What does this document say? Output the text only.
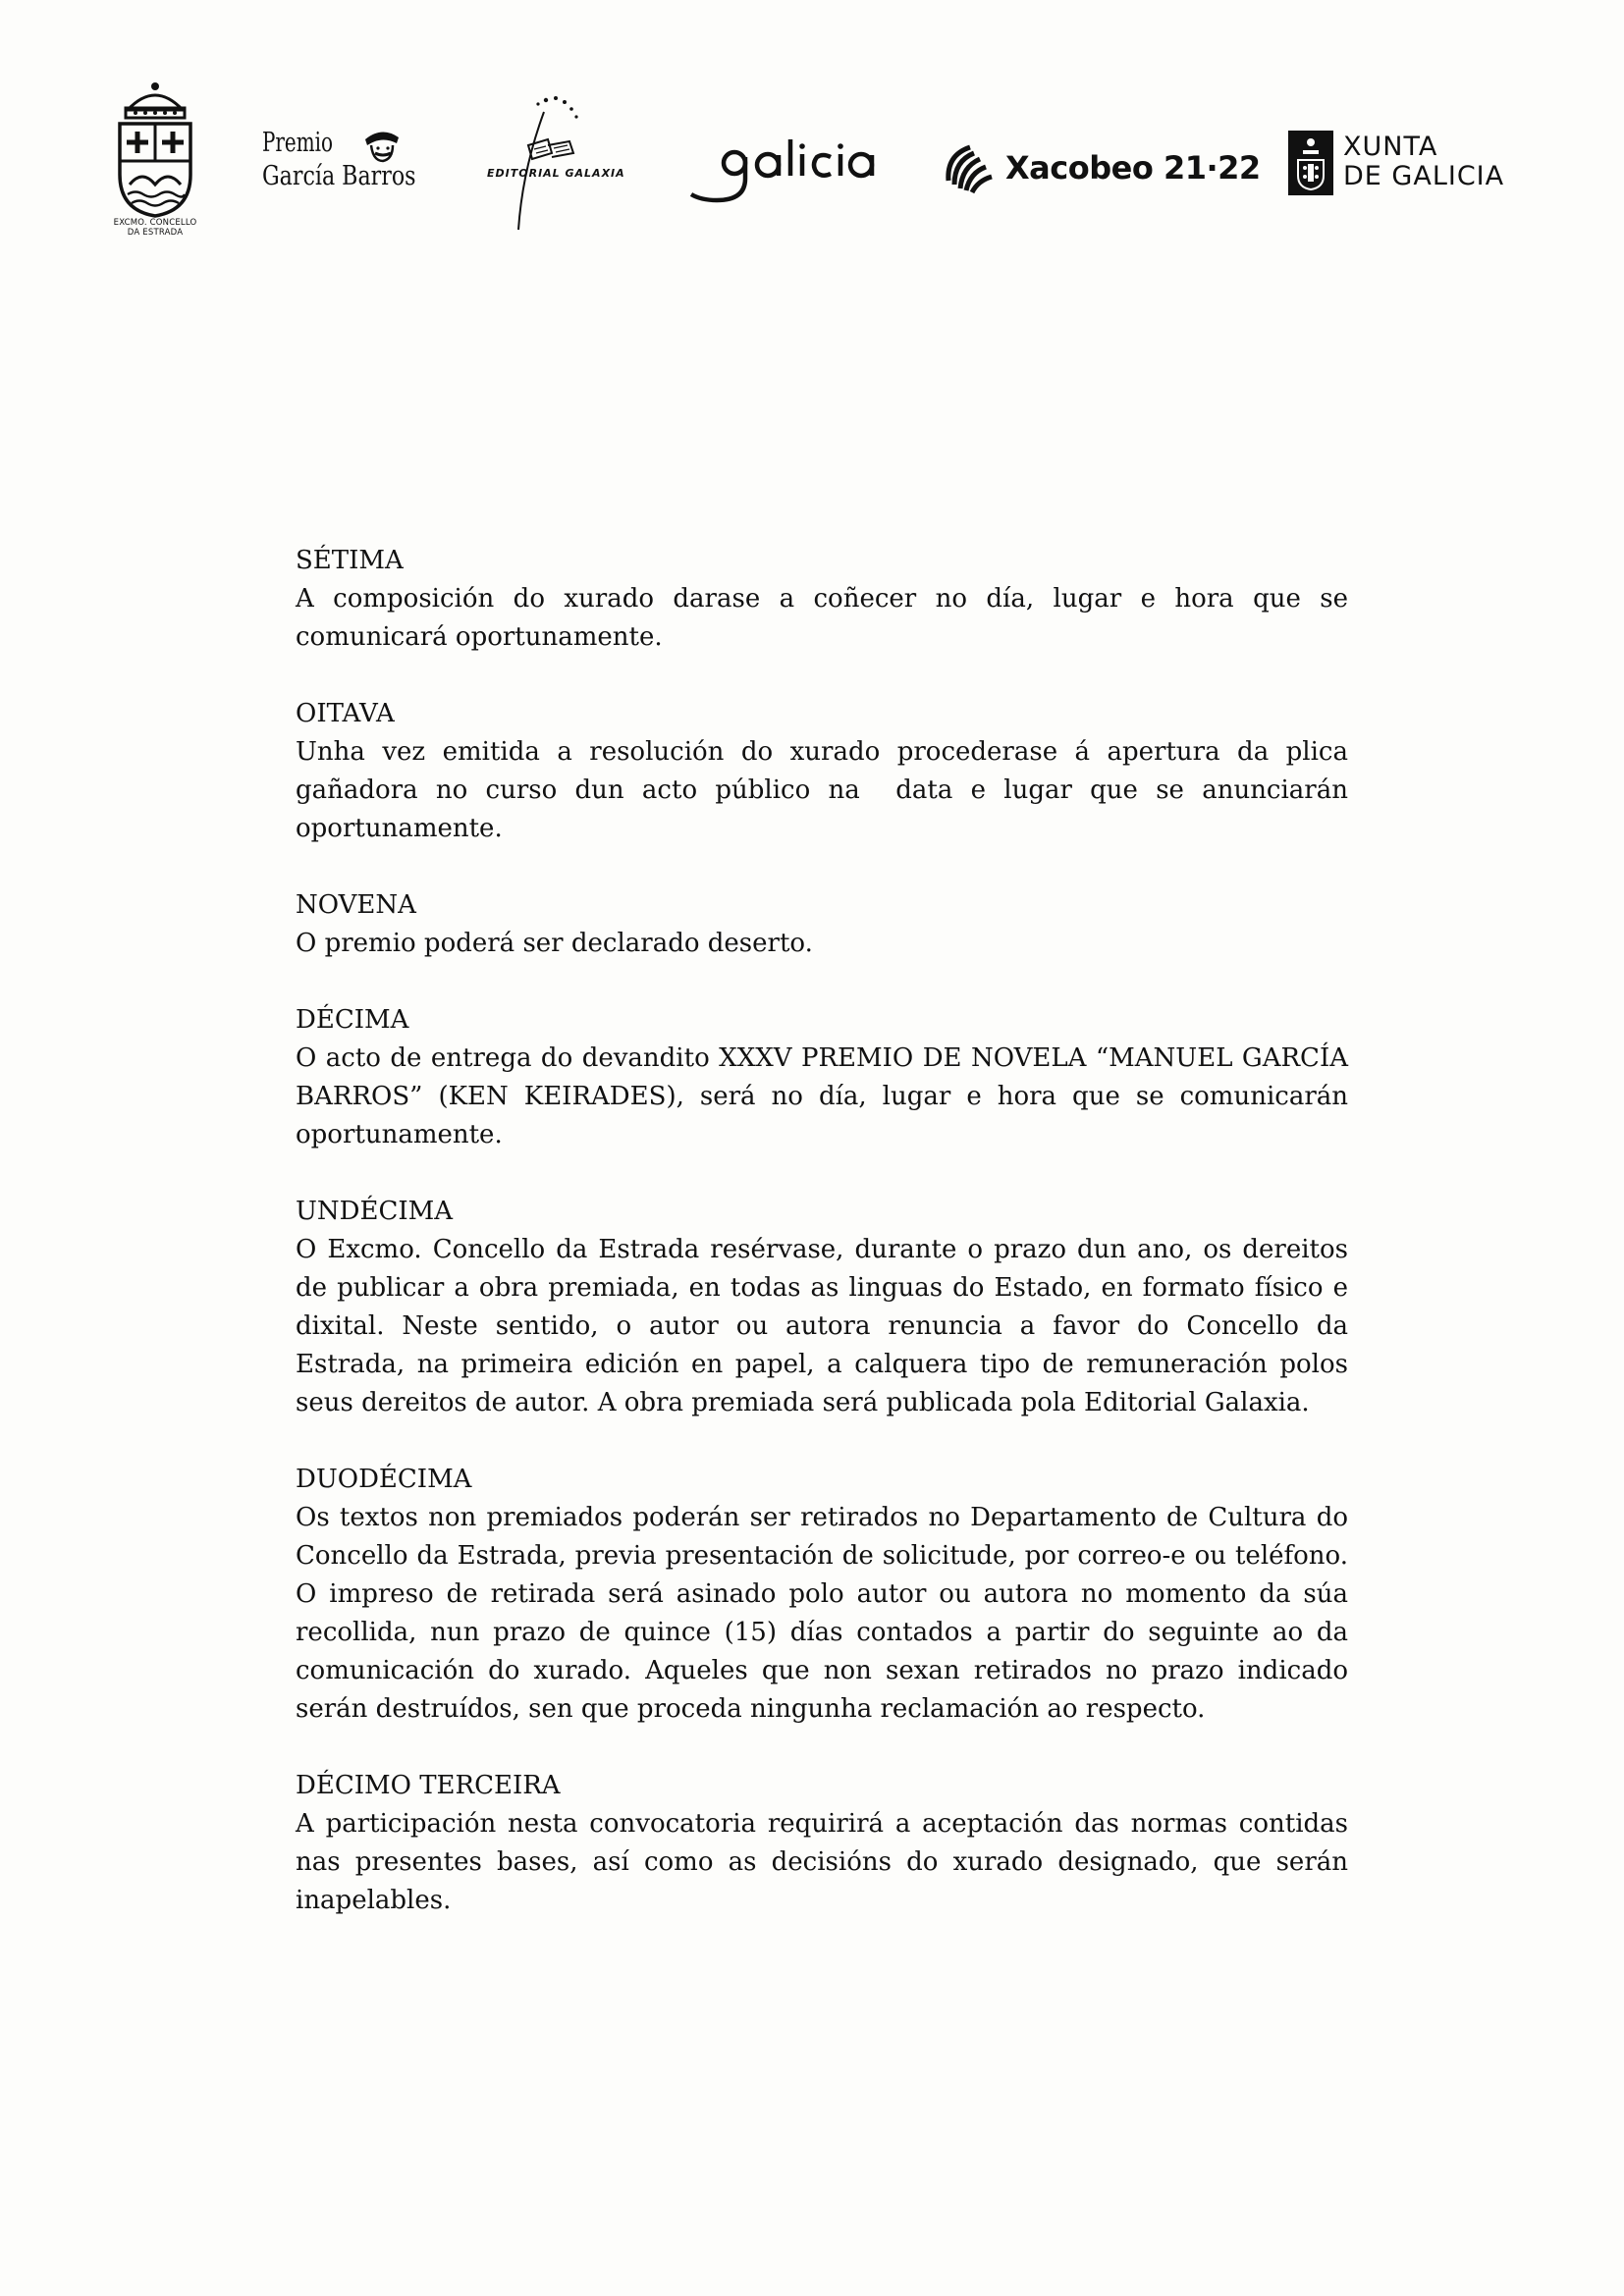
EXCMO. CONCELLO
DA ESTRADA
Premio
García Barros	EDITORIAL GALAXIA	Xacobeo 21·22
XUNTA
DE GALICIA
SÉTIMA

A composición do xurado darase a coñecer no día, lugar e hora que se comunicará oportunamente.

OITAVA

Unha vez emitida a resolución do xurado procederase á apertura da plica gañadora no curso dun acto público na  data e lugar que se anunciarán oportunamente.

NOVENA

O premio poderá ser declarado deserto.

DÉCIMA

O acto de entrega do devandito XXXV PREMIO DE NOVELA “MANUEL GARCÍA BARROS” (KEN KEIRADES), será no día, lugar e hora que se comunicarán oportunamente.

UNDÉCIMA

O Excmo. Concello da Estrada resérvase, durante o prazo dun ano, os dereitos de publicar a obra premiada, en todas as linguas do Estado, en formato físico e dixital. Neste sentido, o autor ou autora renuncia a favor do Concello da Estrada, na primeira edición en papel, a calquera tipo de remuneración polos seus dereitos de autor. A obra premiada será publicada pola Editorial Galaxia.

DUODÉCIMA

Os textos non premiados poderán ser retirados no Departamento de Cultura do Concello da Estrada, previa presentación de solicitude, por correo-e ou teléfono. O impreso de retirada será asinado polo autor ou autora no momento da súa recollida, nun prazo de quince (15) días contados a partir do seguinte ao da comunicación do xurado. Aqueles que non sexan retirados no prazo indicado serán destruídos, sen que proceda ningunha reclamación ao respecto.

DÉCIMO TERCEIRA

A participación nesta convocatoria requirirá a aceptación das normas contidas nas presentes bases, así como as decisións do xurado designado, que serán inapelables.
